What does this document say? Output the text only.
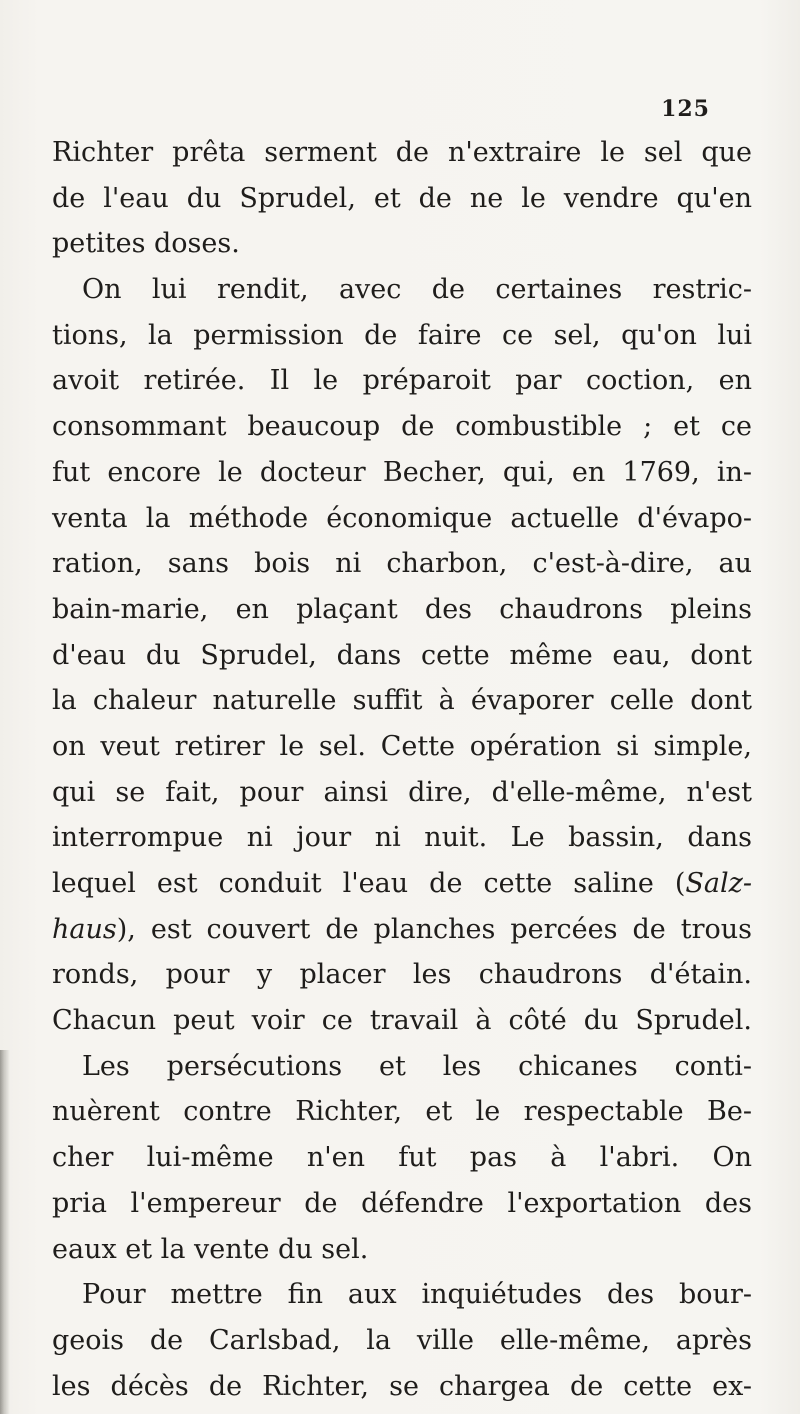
125
Richter prêta serment de n'extraire le sel que
de l'eau du Sprudel, et de ne le vendre qu'en
petites doses.
On lui rendit, avec de certaines restric-
tions, la permission de faire ce sel, qu'on lui
avoit retirée. Il le préparoit par coction, en
consommant beaucoup de combustible ; et ce
fut encore le docteur Becher, qui, en 1769, in-
venta la méthode économique actuelle d'évapo-
ration, sans bois ni charbon, c'est-à-dire, au
bain-marie, en plaçant des chaudrons pleins
d'eau du Sprudel, dans cette même eau, dont
la chaleur naturelle suffit à évaporer celle dont
on veut retirer le sel. Cette opération si simple,
qui se fait, pour ainsi dire, d'elle-même, n'est
interrompue ni jour ni nuit. Le bassin, dans
lequel est conduit l'eau de cette saline (Salz-
haus), est couvert de planches percées de trous
ronds, pour y placer les chaudrons d'étain.
Chacun peut voir ce travail à côté du Sprudel.
Les persécutions et les chicanes conti-
nuèrent contre Richter, et le respectable Be-
cher lui-même n'en fut pas à l'abri. On
pria l'empereur de défendre l'exportation des
eaux et la vente du sel.
Pour mettre fin aux inquiétudes des bour-
geois de Carlsbad, la ville elle-même, après
les décès de Richter, se chargea de cette ex-
